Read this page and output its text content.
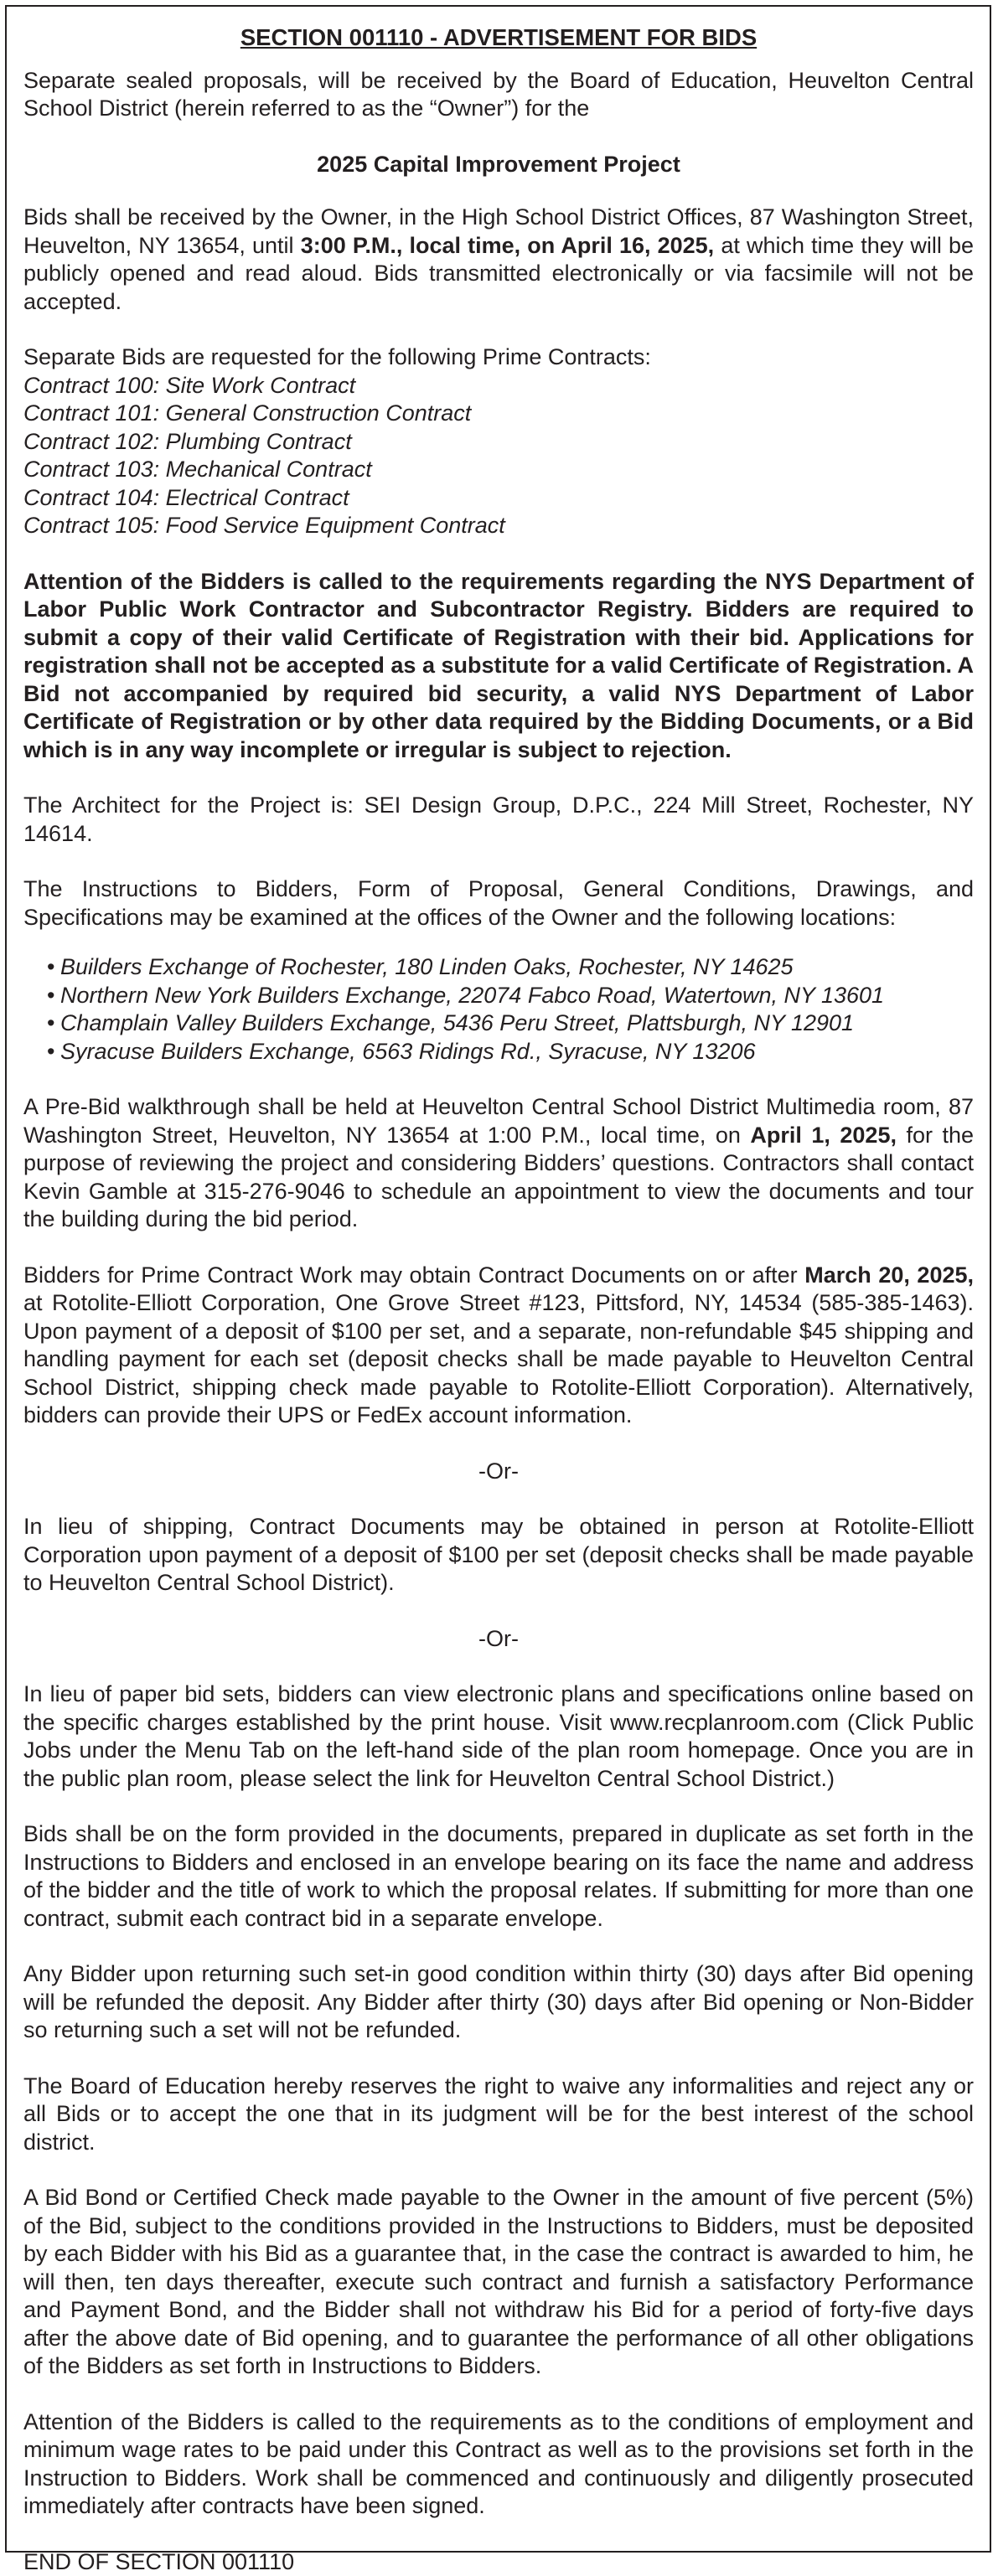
SECTION 001110 - ADVERTISEMENT FOR BIDS

Separate sealed proposals, will be received by the Board of Education, Heuvelton Central School District (herein referred to as the “Owner”) for the

2025 Capital Improvement Project

Bids shall be received by the Owner, in the High School District Offices, 87 Washington Street, Heuvelton, NY 13654, until 3:00 P.M., local time, on April 16, 2025, at which time they will be publicly opened and read aloud. Bids transmitted electronically or via facsimile will not be accepted.

Separate Bids are requested for the following Prime Contracts:
Contract 100: Site Work Contract
Contract 101: General Construction Contract
Contract 102: Plumbing Contract
Contract 103: Mechanical Contract
Contract 104: Electrical Contract
Contract 105: Food Service Equipment Contract

Attention of the Bidders is called to the requirements regarding the NYS Department of Labor Public Work Contractor and Subcontractor Registry. Bidders are required to submit a copy of their valid Certificate of Registration with their bid. Applications for registration shall not be accepted as a substitute for a valid Certificate of Registration. A Bid not accompanied by required bid security, a valid NYS Department of Labor Certificate of Registration or by other data required by the Bidding Documents, or a Bid which is in any way incomplete or irregular is subject to rejection.

The Architect for the Project is: SEI Design Group, D.P.C., 224 Mill Street, Rochester, NY 14614.

The Instructions to Bidders, Form of Proposal, General Conditions, Drawings, and Specifications may be examined at the offices of the Owner and the following locations:

• Builders Exchange of Rochester, 180 Linden Oaks, Rochester, NY 14625
• Northern New York Builders Exchange, 22074 Fabco Road, Watertown, NY 13601
• Champlain Valley Builders Exchange, 5436 Peru Street, Plattsburgh, NY 12901
• Syracuse Builders Exchange, 6563 Ridings Rd., Syracuse, NY 13206

A Pre-Bid walkthrough shall be held at Heuvelton Central School District Multimedia room, 87 Washington Street, Heuvelton, NY 13654 at 1:00 P.M., local time, on April 1, 2025, for the purpose of reviewing the project and considering Bidders’ questions. Contractors shall contact Kevin Gamble at 315-276-9046 to schedule an appointment to view the documents and tour the building during the bid period.

Bidders for Prime Contract Work may obtain Contract Documents on or after March 20, 2025, at Rotolite-Elliott Corporation, One Grove Street #123, Pittsford, NY, 14534 (585-385-1463). Upon payment of a deposit of $100 per set, and a separate, non-refundable $45 shipping and handling payment for each set (deposit checks shall be made payable to Heuvelton Central School District, shipping check made payable to Rotolite-Elliott Corporation). Alternatively, bidders can provide their UPS or FedEx account information.

-Or-

In lieu of shipping, Contract Documents may be obtained in person at Rotolite-Elliott Corporation upon payment of a deposit of $100 per set (deposit checks shall be made payable to Heuvelton Central School District).

-Or-

In lieu of paper bid sets, bidders can view electronic plans and specifications online based on the specific charges established by the print house. Visit www.recplanroom.com (Click Public Jobs under the Menu Tab on the left-hand side of the plan room homepage. Once you are in the public plan room, please select the link for Heuvelton Central School District.)

Bids shall be on the form provided in the documents, prepared in duplicate as set forth in the Instructions to Bidders and enclosed in an envelope bearing on its face the name and address of the bidder and the title of work to which the proposal relates. If submitting for more than one contract, submit each contract bid in a separate envelope.

Any Bidder upon returning such set-in good condition within thirty (30) days after Bid opening will be refunded the deposit. Any Bidder after thirty (30) days after Bid opening or Non-Bidder so returning such a set will not be refunded.

The Board of Education hereby reserves the right to waive any informalities and reject any or all Bids or to accept the one that in its judgment will be for the best interest of the school district.

A Bid Bond or Certified Check made payable to the Owner in the amount of five percent (5%) of the Bid, subject to the conditions provided in the Instructions to Bidders, must be deposited by each Bidder with his Bid as a guarantee that, in the case the contract is awarded to him, he will then, ten days thereafter, execute such contract and furnish a satisfactory Performance and Payment Bond, and the Bidder shall not withdraw his Bid for a period of forty-five days after the above date of Bid opening, and to guarantee the performance of all other obligations of the Bidders as set forth in Instructions to Bidders.

Attention of the Bidders is called to the requirements as to the conditions of employment and minimum wage rates to be paid under this Contract as well as to the provisions set forth in the Instruction to Bidders. Work shall be commenced and continuously and diligently prosecuted immediately after contracts have been signed.

END OF SECTION 001110
